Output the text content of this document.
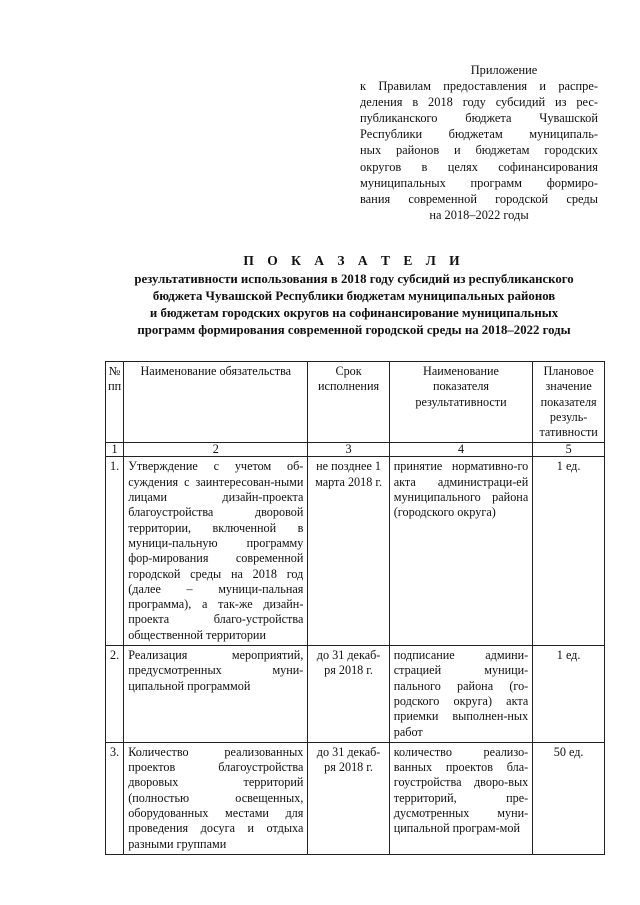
Приложение
к Правилам предоставления и распре-
деления в 2018 году субсидий из рес-
публиканского бюджета Чувашской
Республики бюджетам муниципаль-
ных районов и бюджетам городских
округов в целях софинансирования
муниципальных программ формиро-
вания современной городской среды
на 2018–2022 годы
П О К А З А Т Е Л И
результативности использования в 2018 году субсидий из республиканского
бюджета Чувашской Республики бюджетам муниципальных районов
и бюджетам городских округов на софинансирование муниципальных
программ формирования современной городской среды на 2018–2022 годы
№ пп	Наименование обязательства	Срок исполнения	Наименование показателя результативности	Плановое значение показателя резуль-тативности
1	2	3	4	5
1.	Утверждение с учетом об-суждения с заинтересован-ными лицами дизайн-проекта благоустройства дворовой территории, включенной в муници-пальную программу фор-мирования современной городской среды на 2018 год (далее – муници-пальная программа), а так-же дизайн-проекта благо-устройства общественной территории	не позднее 1 марта 2018 г.	принятие нормативно-го акта администраци-ей муниципального района (городского округа)	1 ед.
2.	Реализация мероприятий, предусмотренных муни-ципальной программой	до 31 декаб-ря 2018 г.	подписание админи-страцией муници-пального района (го-родского округа) акта приемки выполнен-ных работ	1 ед.
3.	Количество реализованных проектов благоустройства дворовых территорий (полностью освещенных, оборудованных местами для проведения досуга и отдыха разными группами	до 31 декаб-ря 2018 г.	количество реализо-ванных проектов бла-гоустройства дворо-вых территорий, пре-дусмотренных муни-ципальной програм-мой	50 ед.
